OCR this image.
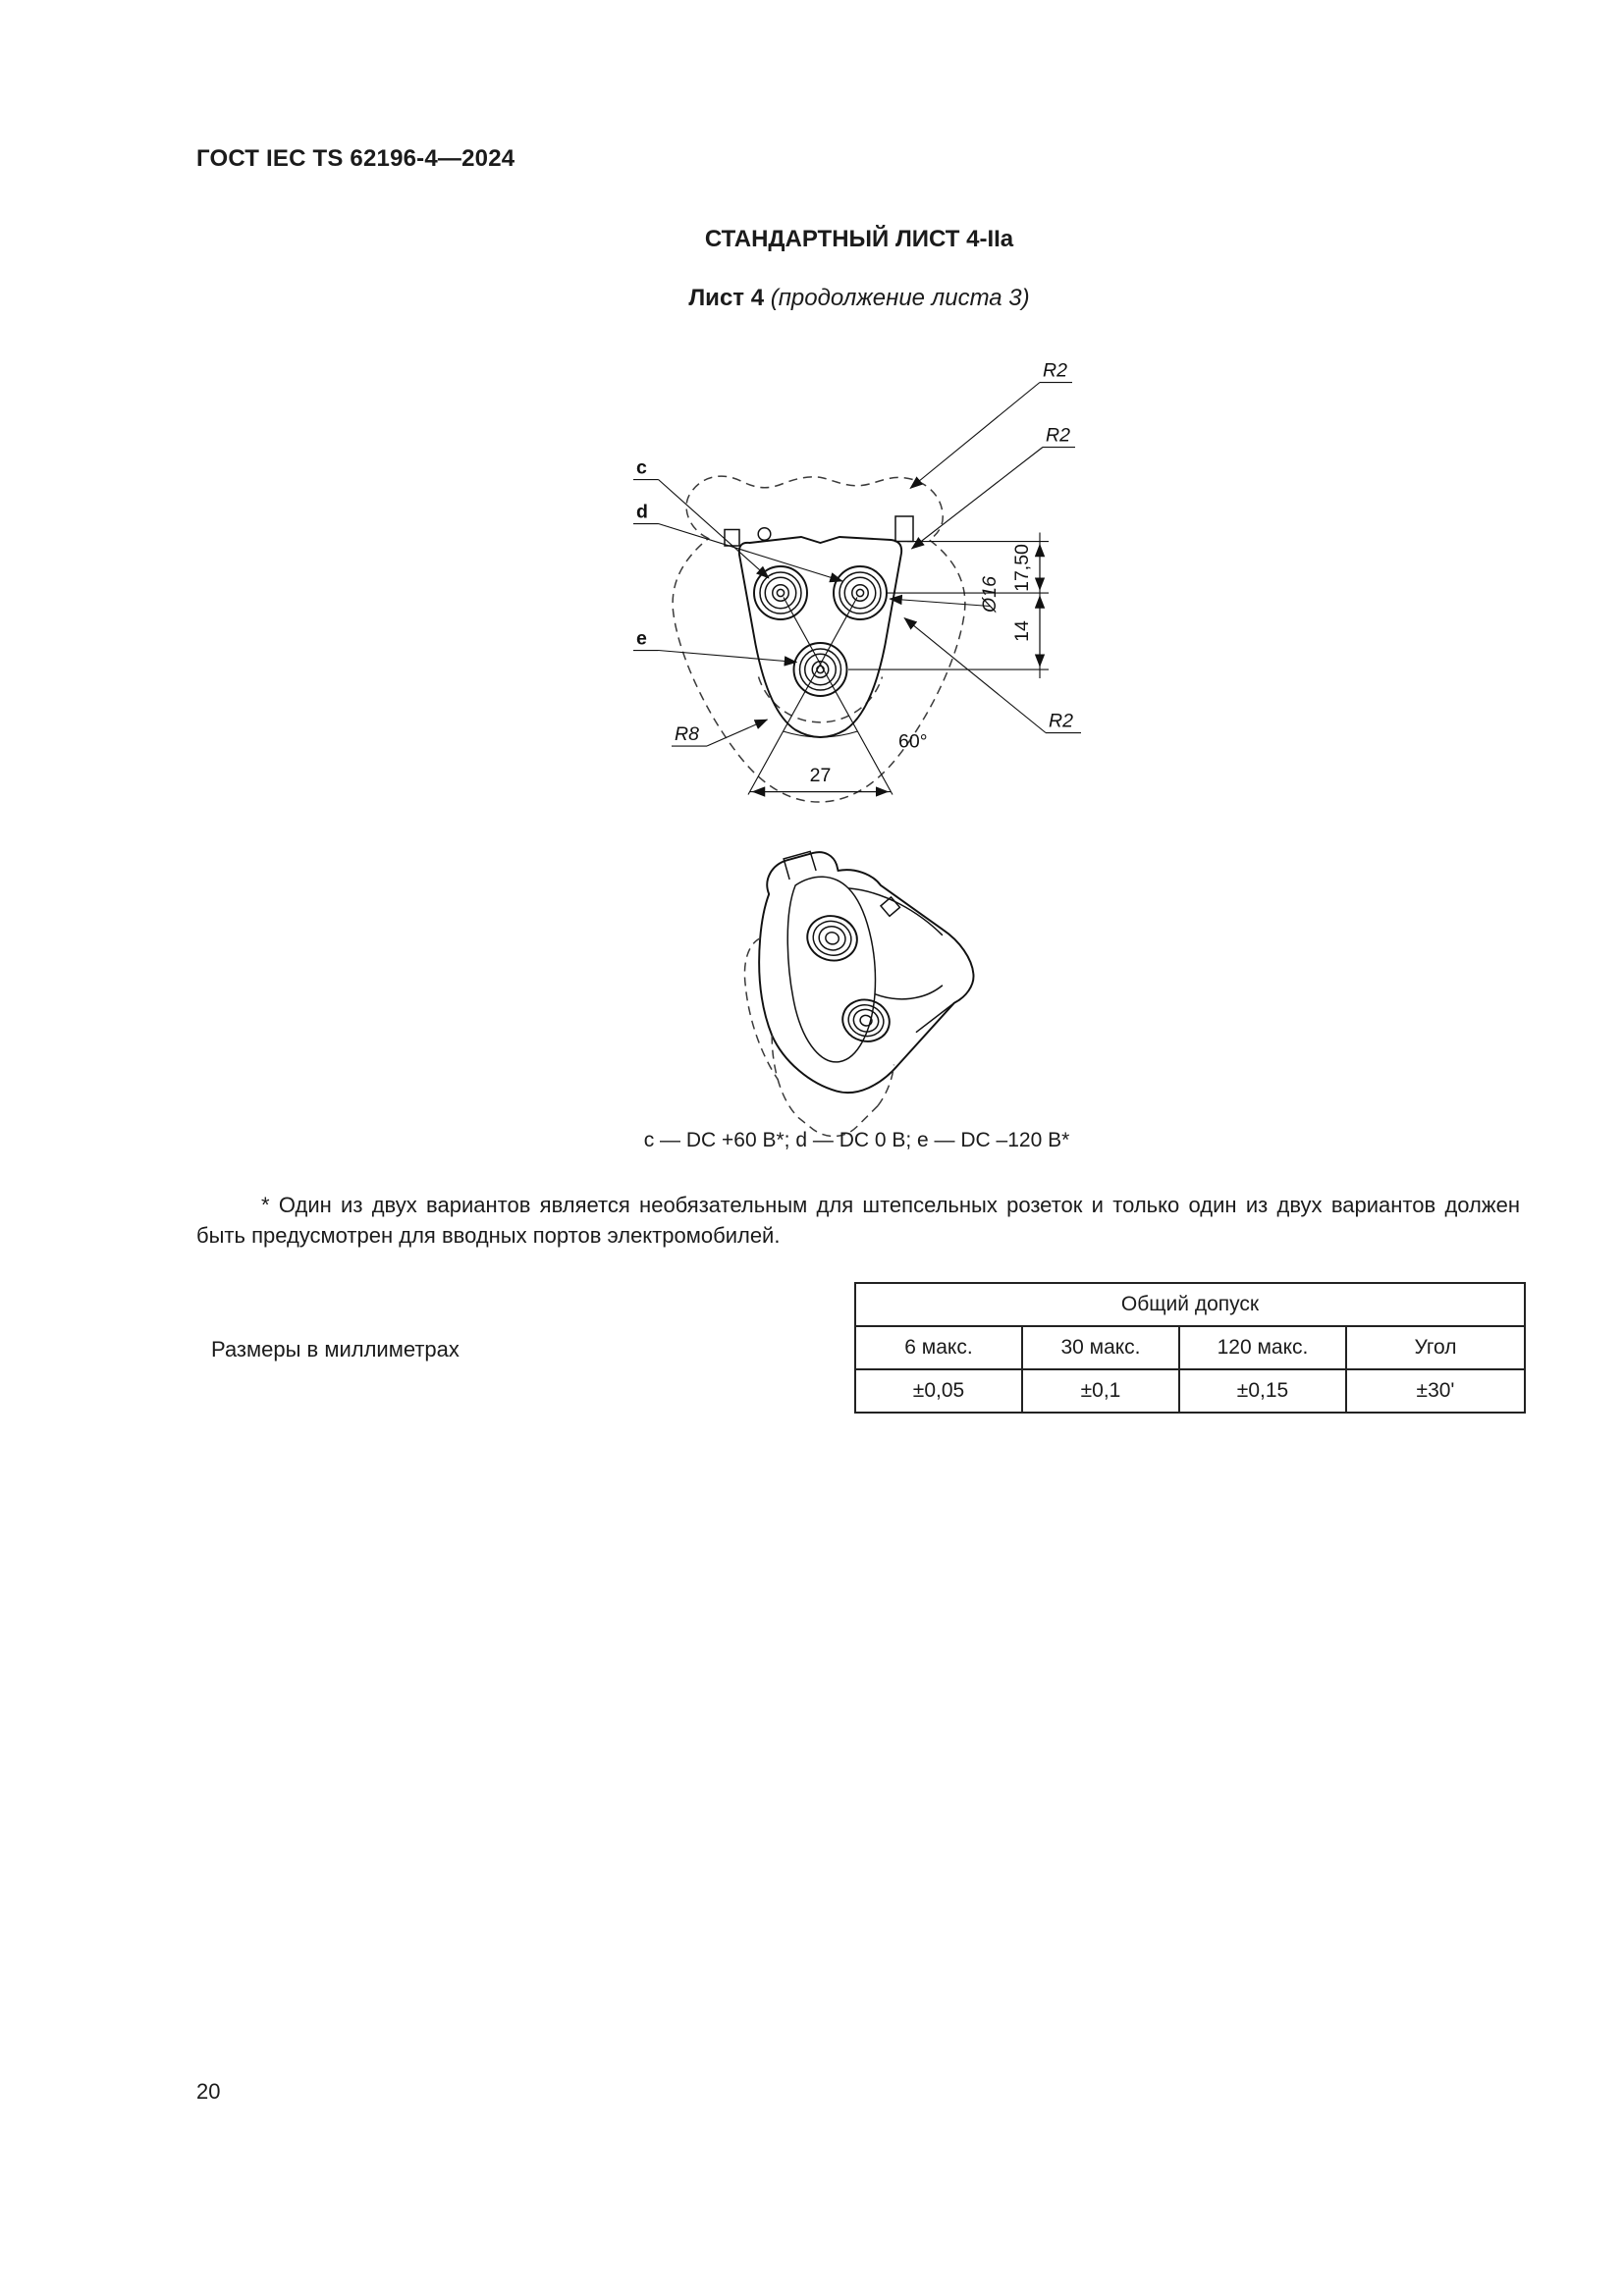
ГОСТ IEC TS 62196-4—2024
СТАНДАРТНЫЙ ЛИСТ 4-IIa
Лист 4 (продолжение листа 3)
60°
27
17,50
14
Ø16
R2
R2
R2
R8
c
d
e
c — DC +60 В*; d — DC 0 В; e — DC –120 В*
* Один из двух вариантов является необязательным для штепсельных розеток и только один из двух вариантов должен быть предусмотрен для вводных портов электромобилей.
Размеры в миллиметрах
Общий допуск			
6 макс.	30 макс.	120 макс.	Угол
±0,05	±0,1	±0,15	±30'
20
